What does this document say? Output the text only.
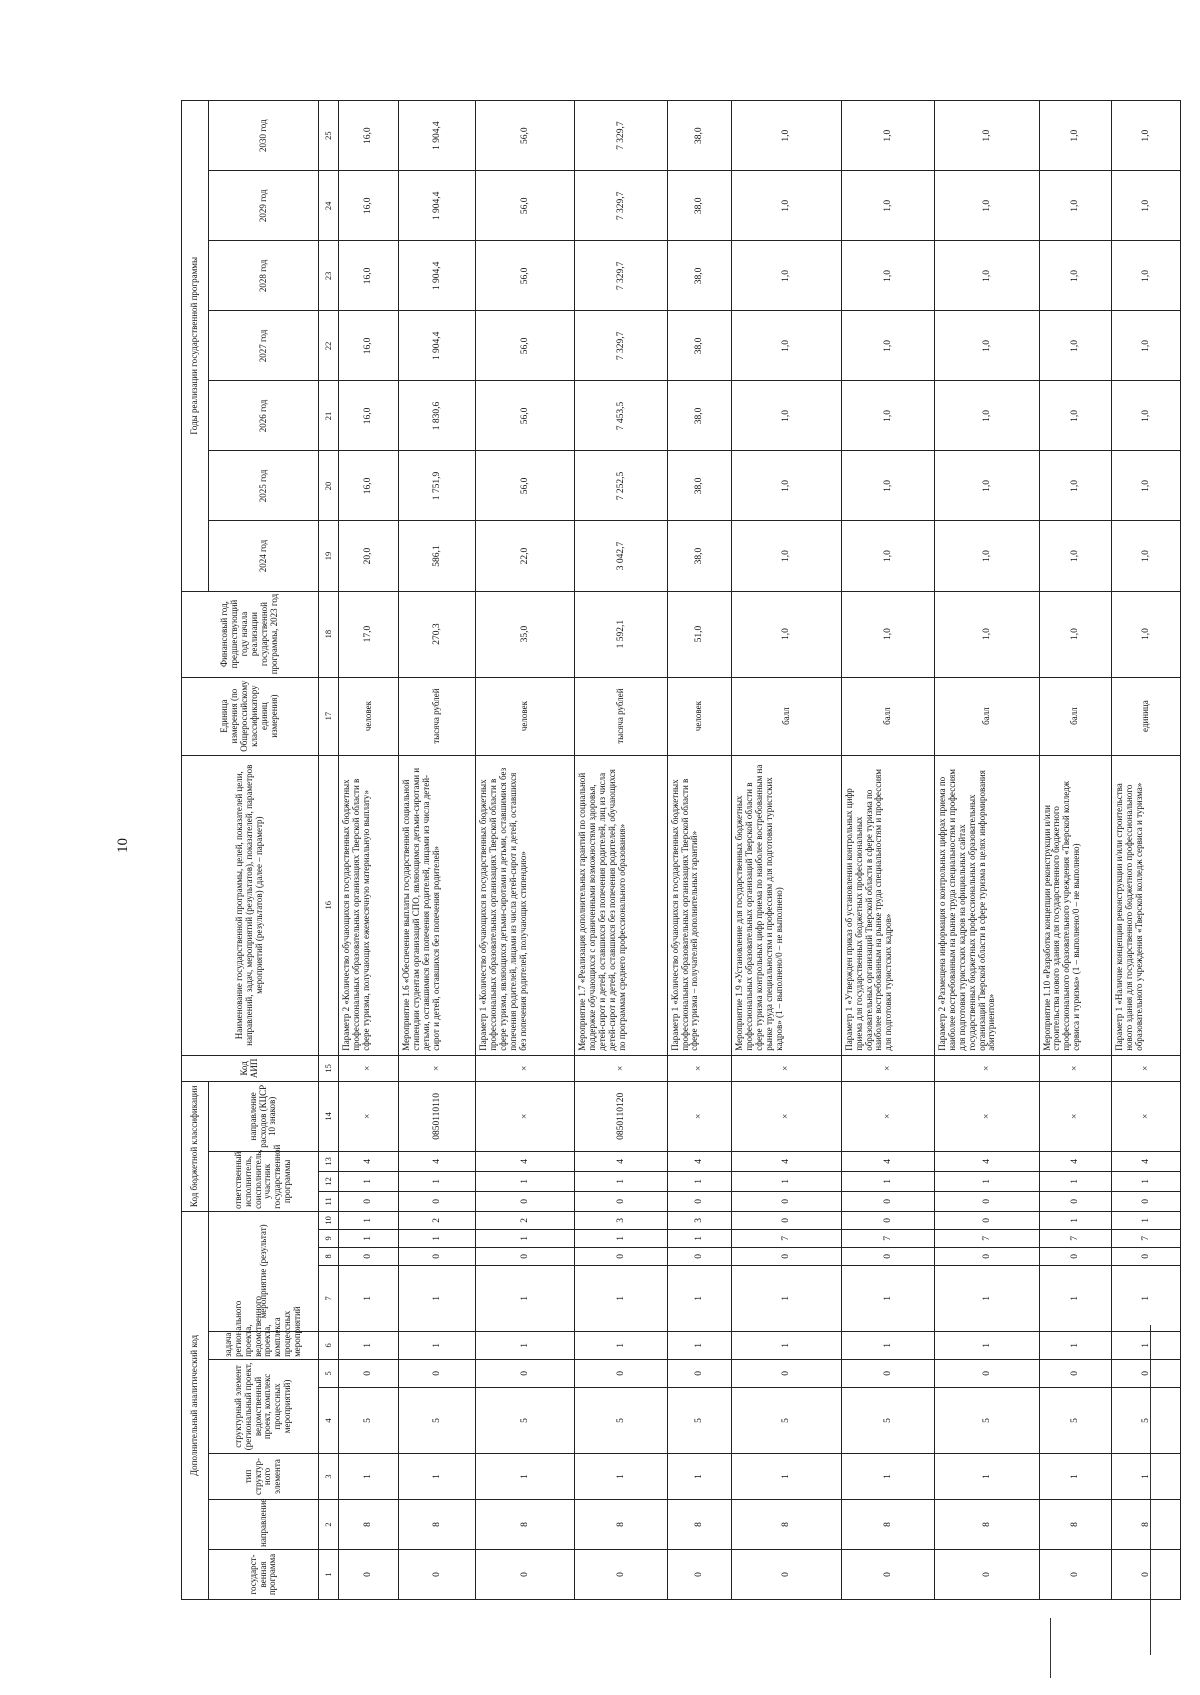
10
Дополнительный аналитический код										Код бюджетной классификации				Код АИП	Наименование государственной программы, целей, показателей цели, направлений, задач, мероприятий (результатов), показателей, параметров мероприятий (результатов) (далее – параметр)	Единица измерения (по Общероссийскому классификатору единиц измерения)	Финансовый год, предшествующий году начала реализации государственной программы, 2023 год	Годы реализации государственной программы						
государст-венная программа	направление	тип структур-ного элемента	структурный элемент (региональный проект, ведомственный проект, комплекс процессных мероприятий)		задача регионального проекта, ведомственного проекта, комплекса процессных мероприятий	мероприятие (результат)				ответственный исполнитель, соисполнитель, участник государственной программы			направление расходов (КЦСР 10 знаков)					2024 год	2025 год	2026 год	2027 год	2028 год	2029 год	2030 год

1	2	3	4	5	6	7	8	9	10	11	12	13	14	15	16	17	18	19	20	21	22	23	24	25
0	8	1	5	0	1	1	0	1	1	0	1	4	×	×	Параметр 2 «Количество обучающихся в государственных бюджетных профессиональных образовательных организациях Тверской области в сфере туризма, получающих ежемесячную материальную выплату»	человек	17,0	20,0	16,0	16,0	16,0	16,0	16,0	16,0
0	8	1	5	0	1	1	0	1	2	0	1	4	0850110110	×	Мероприятие 1.6 «Обеспечение выплаты государственной социальной стипендии студентам организаций СПО, являющимся детьми-сиротами и детьми, оставшимися без попечения родителей, лицами из числа детей-сирот и детей, оставшихся без попечения родителей»	тысяча рублей	270,3	586,1	1 751,9	1 830,6	1 904,4	1 904,4	1 904,4	1 904,4
0	8	1	5	0	1	1	0	1	2	0	1	4	×	×	Параметр 1 «Количество обучающихся в государственных бюджетных профессиональных образовательных организациях Тверской области в сфере туризма, являющихся детьми-сиротами и детьми, оставшимися без попечения родителей, лицами из числа детей-сирот и детей, оставшихся без попечения родителей, получающих стипендию»	человек	35,0	22,0	56,0	56,0	56,0	56,0	56,0	56,0
0	8	1	5	0	1	1	0	1	3	0	1	4	0850110120	×	Мероприятие 1.7 «Реализация дополнительных гарантий по социальной поддержке обучающихся с ограниченными возможностями здоровья, детей-сирот и детей, оставшихся без попечения родителей, лиц из числа детей-сирот и детей, оставшихся без попечения родителей, обучающихся по программам среднего профессионального образования»	тысяча рублей	1 592,1	3 042,7	7 252,5	7 453,5	7 329,7	7 329,7	7 329,7	7 329,7
0	8	1	5	0	1	1	0	1	3	0	1	4	×	×	Параметр 1 «Количество обучающихся в государственных бюджетных профессиональных образовательных организациях Тверской области в сфере туризма – получателей дополнительных гарантий»	человек	51,0	38,0	38,0	38,0	38,0	38,0	38,0	38,0
0	8	1	5	0	1	1	0	7	0	0	1	4	×	×	Мероприятие 1.9 «Установление для государственных бюджетных профессиональных образовательных организаций Тверской области в сфере туризма контрольных цифр приема по наиболее востребованным на рынке труда специальностям и профессиям для подготовки туристских кадров» (1 – выполнено/0 – не выполнено)	балл	1,0	1,0	1,0	1,0	1,0	1,0	1,0	1,0
0	8	1	5	0	1	1	0	7	0	0	1	4	×	×	Параметр 1 «Утвержден приказ об установлении контрольных цифр приема для государственных бюджетных профессиональных образовательных организаций Тверской области в сфере туризма по наиболее востребованным на рынке труда специальностям и профессиям для подготовки туристских кадров»	балл	1,0	1,0	1,0	1,0	1,0	1,0	1,0	1,0
0	8	1	5	0	1	1	0	7	0	0	1	4	×	×	Параметр 2 «Размещена информация о контрольных цифрах приема по наиболее востребованным на рынке труда специальностям и профессиям для подготовки туристских кадров на официальных сайтах государственных бюджетных профессиональных образовательных организаций Тверской области в сфере туризма в целях информирования абитуриентов»	балл	1,0	1,0	1,0	1,0	1,0	1,0	1,0	1,0
0	8	1	5	0	1	1	0	7	1	0	1	4	×	×	Мероприятие 1.10 «Разработка концепции реконструкции и/или строительства нового здания для государственного бюджетного профессионального образовательного учреждения «Тверской колледж сервиса и туризма» (1 – выполнено/0 – не выполнено)	балл	1,0	1,0	1,0	1,0	1,0	1,0	1,0	1,0
0	8	1	5	0	1	1	0	7	1	0	1	4	×	×	Параметр 1 «Наличие концепции реконструкции и/или строительства нового здания для государственного бюджетного профессионального образовательного учреждения «Тверской колледж сервиса и туризма»	единица	1,0	1,0	1,0	1,0	1,0	1,0	1,0	1,0
